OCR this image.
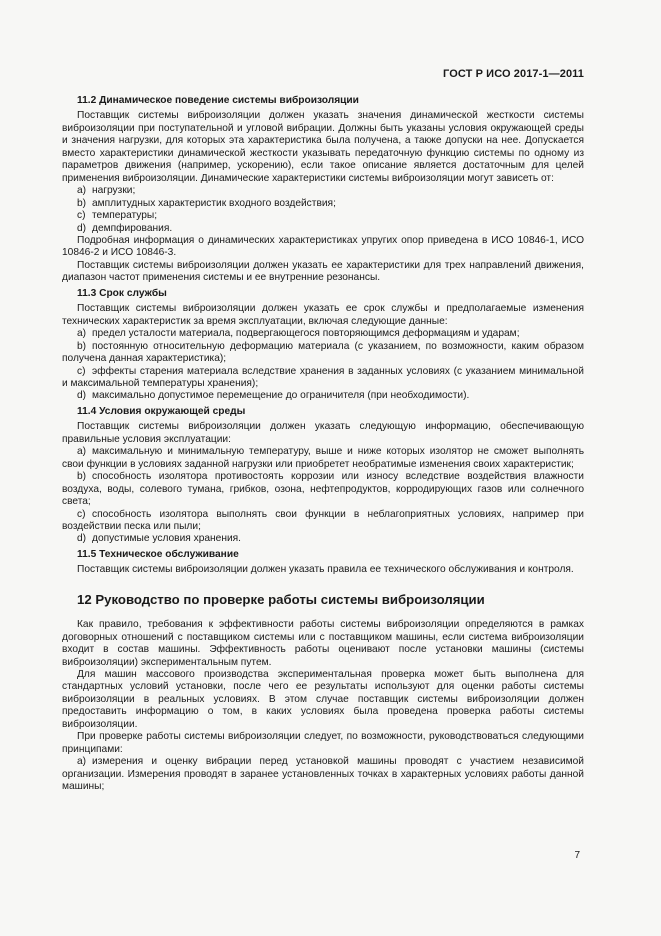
ГОСТ Р ИСО 2017-1—2011

11.2 Динамическое поведение системы виброизоляции

Поставщик системы виброизоляции должен указать значения динамической жесткости системы виброизоляции при поступательной и угловой вибрации. Должны быть указаны условия окружающей среды и значения нагрузки, для которых эта характеристика была получена, а также допуски на нее. Допускается вместо характеристики динамической жесткости указывать передаточную функцию системы по одному из параметров движения (например, ускорению), если такое описание является достаточным для целей применения виброизоляции. Динамические характеристики системы виброизоляции могут зависеть от:

а) нагрузки;

b) амплитудных характеристик входного воздействия;

c) температуры;

d) демпфирования.

Подробная информация о динамических характеристиках упругих опор приведена в ИСО 10846-1, ИСО 10846-2 и ИСО 10846-3.

Поставщик системы виброизоляции должен указать ее характеристики для трех направлений движения, диапазон частот применения системы и ее внутренние резонансы.

11.3 Срок службы

Поставщик системы виброизоляции должен указать ее срок службы и предполагаемые изменения технических характеристик за время эксплуатации, включая следующие данные:

а) предел усталости материала, подвергающегося повторяющимся деформациям и ударам;

b) постоянную относительную деформацию материала (с указанием, по возможности, каким образом получена данная характеристика);

c) эффекты старения материала вследствие хранения в заданных условиях (с указанием минимальной и максимальной температуры хранения);

d) максимально допустимое перемещение до ограничителя (при необходимости).

11.4 Условия окружающей среды

Поставщик системы виброизоляции должен указать следующую информацию, обеспечивающую правильные условия эксплуатации:

а) максимальную и минимальную температуру, выше и ниже которых изолятор не сможет выполнять свои функции в условиях заданной нагрузки или приобретет необратимые изменения своих характеристик;

b) способность изолятора противостоять коррозии или износу вследствие воздействия влажности воздуха, воды, солевого тумана, грибков, озона, нефтепродуктов, корродирующих газов или солнечного света;

c) способность изолятора выполнять свои функции в неблагоприятных условиях, например при воздействии песка или пыли;

d) допустимые условия хранения.

11.5 Техническое обслуживание

Поставщик системы виброизоляции должен указать правила ее технического обслуживания и контроля.

12 Руководство по проверке работы системы виброизоляции

Как правило, требования к эффективности работы системы виброизоляции определяются в рамках договорных отношений с поставщиком системы или с поставщиком машины, если система виброизоляции входит в состав машины. Эффективность работы оценивают после установки машины (системы виброизоляции) экспериментальным путем.

Для машин массового производства экспериментальная проверка может быть выполнена для стандартных условий установки, после чего ее результаты используют для оценки работы системы виброизоляции в реальных условиях. В этом случае поставщик системы виброизоляции должен предоставить информацию о том, в каких условиях была проведена проверка работы системы виброизоляции.

При проверке работы системы виброизоляции следует, по возможности, руководствоваться следующими принципами:

а) измерения и оценку вибрации перед установкой машины проводят с участием независимой организации. Измерения проводят в заранее установленных точках в характерных условиях работы данной машины;

7
